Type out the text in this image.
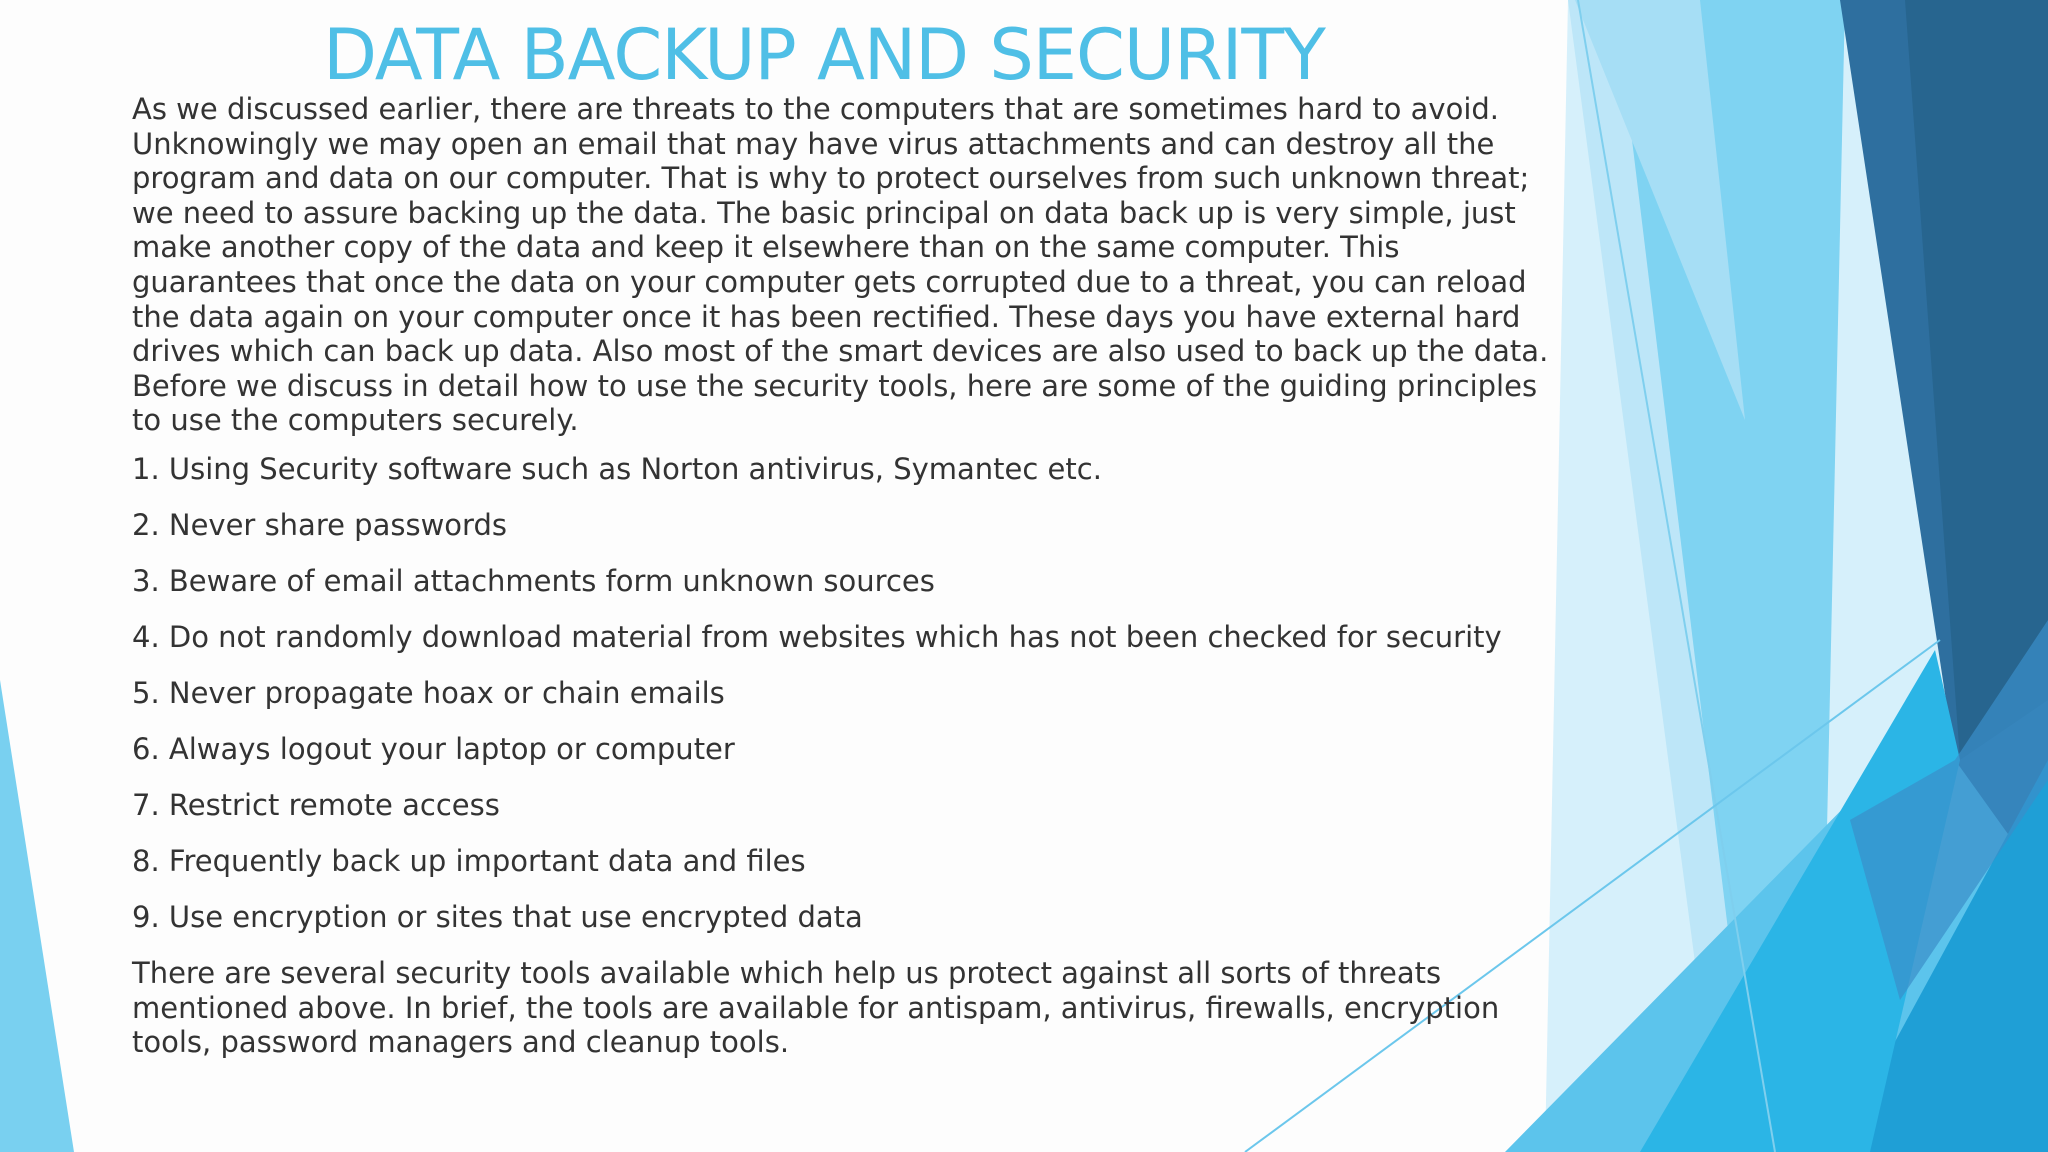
DATA BACKUP AND SECURITY

As we discussed earlier, there are threats to the computers that are sometimes hard to avoid.
Unknowingly we may open an email that may have virus attachments and can destroy all the
program and data on our computer. That is why to protect ourselves from such unknown threat;
we need to assure backing up the data. The basic principal on data back up is very simple, just
make another copy of the data and keep it elsewhere than on the same computer. This
guarantees that once the data on your computer gets corrupted due to a threat, you can reload
the data again on your computer once it has been rectified. These days you have external hard
drives which can back up data. Also most of the smart devices are also used to back up the data.
Before we discuss in detail how to use the security tools, here are some of the guiding principles
to use the computers securely.

1. Using Security software such as Norton antivirus, Symantec etc.
2. Never share passwords
3. Beware of email attachments form unknown sources
4. Do not randomly download material from websites which has not been checked for security
5. Never propagate hoax or chain emails
6. Always logout your laptop or computer
7. Restrict remote access
8. Frequently back up important data and files
9. Use encryption or sites that use encrypted data

There are several security tools available which help us protect against all sorts of threats
mentioned above. In brief, the tools are available for antispam, antivirus, firewalls, encryption
tools, password managers and cleanup tools.
